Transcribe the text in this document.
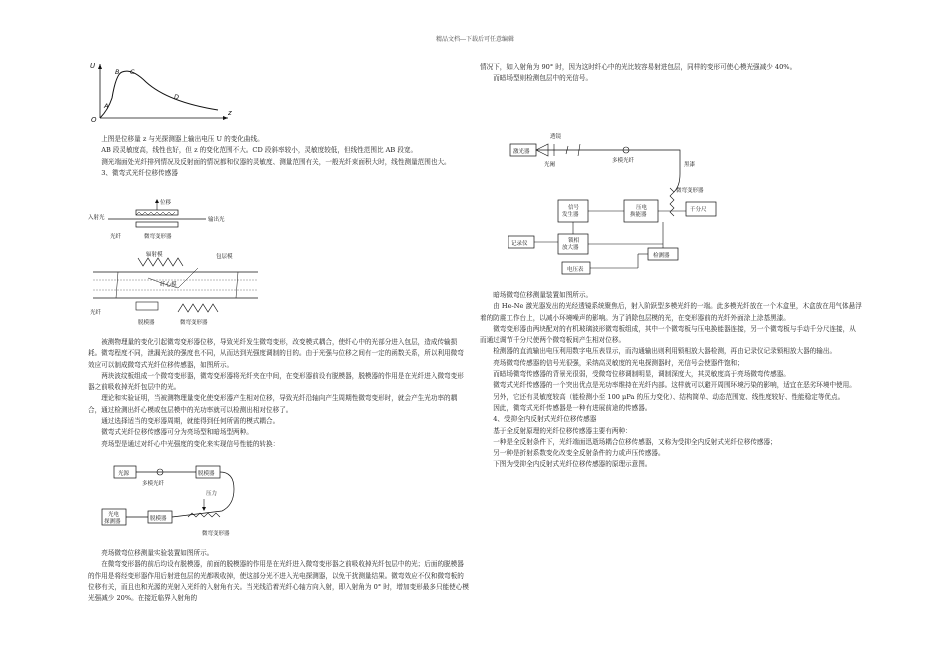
精品文档---下载后可任意编辑
U
z
O
A
B C
D

上图是位移量 z 与光探测器上输出电压 U 的变化曲线。

AB 段灵敏度高，线性也好，但 z 的变化范围不大。CD 段斜率较小，灵敏度较低，但线性范围比 AB 段宽。

测光端面处光纤排列情况及反射面的情况都和仪器的灵敏度、测量范围有关，一般光纤束面积大时，线性测量范围也大。

3、微弯式光纤位移传感器

位移
入射光	输出光
光纤	微弯变形器
辐射模	包层模
纤心模
光纤
脱模器	微弯变形器

被测物理量的变化引起微弯变形器位移，导致光纤发生微弯变形，改变模式耦合，使纤心中的光部分进入包层，造成传输损耗。微弯程度不同，泄漏光波的强度也不同，从而达到光强度调制的目的。由于光强与位移之间有一定的函数关系，所以利用微弯效应可以制成微弯式光纤位移传感器，如图所示。

两块波纹板组成一个微弯变形器，微弯变形器将光纤夹在中间，在变形器前设有脱模器，脱模器的作用是在光纤进入微弯变形器之前吸收掉光纤包层中的光。

理论和实验证明，当被测物理量变化使变形器产生相对位移，导致光纤沿轴向产生周期性微弯变形时，就会产生光功率的耦合，通过检测出纤心模或包层模中的光功率就可以检测出相对位移了。

通过选择适当的变形器周期，就能得到任何所需的模式耦合。

微弯式光纤位移传感器可分为亮场型和暗场型两种。

亮场型是通过对纤心中光强度的变化来实现信号性能的转换：

光源
多模光纤
脱模器
压力
光电探测器	脱模器
微弯变形器

亮场微弯位移测量实验装置如图所示。

在微弯变形器的前后均设有脱模器，前面的脱模器的作用是在光纤进入微弯变形器之前吸收掉光纤包层中的光；后面的脱模器的作用是将经变形器作用后射进包层的光都吸收掉，使这部分光不进入光电探测器，以免干扰测量结果。微弯效应不仅和微弯板的位移有关，而且也和光源的光射入光纤的入射角有关。当光线沿着光纤心轴方向入射，即入射角为 0° 时，增加变形最多只能使心模光强减少 20%。在接近临界入射角的

情况下，如入射角为 90° 时，因为这时纤心中的光比较容易射进包层，同样的变形可使心模光强减少 40%。

而暗场型则检测包层中的光信号。

透镜
激光器
光阑
多模光纤
黑漆
微弯变形器
信号发生器
压电换能器
千分尺
记录仪	锁相放大器
电压表
检测器

暗场微弯位移测量装置如图所示。

由 He-Ne 激光器发出的光经透镜系统聚焦后，射入阶跃型多模光纤的一端。此多模光纤放在一个木盒里，木盒放在用气体悬浮着的防震工作台上，以减小环境噪声的影响。为了消除包层模的光，在变形器前的光纤外面涂上涂基黑漆。

微弯变形器由两块配对的有机玻璃波形微弯板组成，其中一个微弯板与压电换能器连接，另一个微弯板与手动千分尺连接，从而通过调节千分尺使两个微弯板间产生相对位移。

检测器的直流输出电压利用数字电压表显示，而沟通输出则利用锁相放大器检测，再由记录仪记录锁相放大器的输出。

亮场微弯传感器的信号光很强，采纳高灵敏度的光电探测器时，光信号会使器件饱和；

而暗场微弯传感器的背景光很弱，受微弯位移调制明显，调制深度大，其灵敏度高于亮场微弯传感器。

微弯式光纤传感器的一个突出优点是光功率维持在光纤内部。这样就可以避开周围环境污染的影响，适宜在恶劣环境中使用。

另外，它还有灵敏度较高（能检测小至 100 μPa 的压力变化）、结构简单、动态范围宽、线性度较好、性能稳定等优点。

因此，微弯式光纤传感器是一种有进展前途的传感器。

4、受抑全内反射式光纤位移传感器

基于全反射原理的光纤位移传感器主要有两种：

一种是全反射条件下，光纤端面迅逝场耦合位移传感器，又称为受抑全内反射式光纤位移传感器；

另一种是折射系数变化改变全反射条件的力或声压传感器。

下图为受抑全内反射式光纤位移传感器的原理示意图。
